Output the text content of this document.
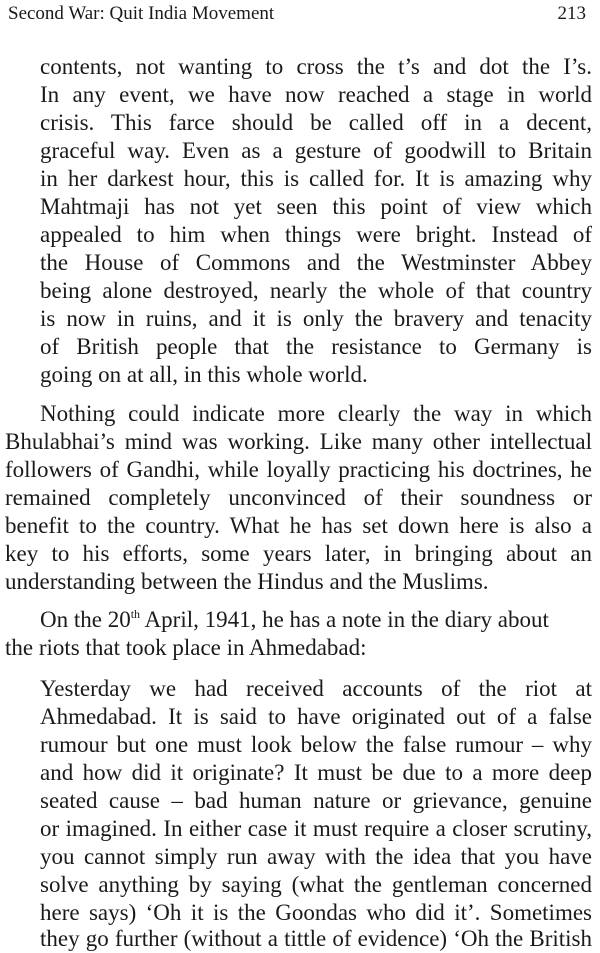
Second War: Quit India Movement	213
contents, not wanting to cross the t’s and dot the I’s.
In any event, we have now reached a stage in world
crisis. This farce should be called off in a decent,
graceful way. Even as a gesture of goodwill to Britain
in her darkest hour, this is called for. It is amazing why
Mahtmaji has not yet seen this point of view which
appealed to him when things were bright. Instead of
the House of Commons and the Westminster Abbey
being alone destroyed, nearly the whole of that country
is now in ruins, and it is only the bravery and tenacity
of British people that the resistance to Germany is
going on at all, in this whole world.
Nothing could indicate more clearly the way in which
Bhulabhai’s mind was working. Like many other intellectual
followers of Gandhi, while loyally practicing his doctrines, he
remained completely unconvinced of their soundness or
benefit to the country. What he has set down here is also a
key to his efforts, some years later, in bringing about an
understanding between the Hindus and the Muslims.
On the 20th April, 1941, he has a note in the diary about
the riots that took place in Ahmedabad:
Yesterday we had received accounts of the riot at
Ahmedabad. It is said to have originated out of a false
rumour but one must look below the false rumour – why
and how did it originate? It must be due to a more deep
seated cause – bad human nature or grievance, genuine
or imagined. In either case it must require a closer scrutiny,
you cannot simply run away with the idea that you have
solve anything by saying (what the gentleman concerned
here says) ‘Oh it is the Goondas who did it’. Sometimes
they go further (without a tittle of evidence) ‘Oh the British
